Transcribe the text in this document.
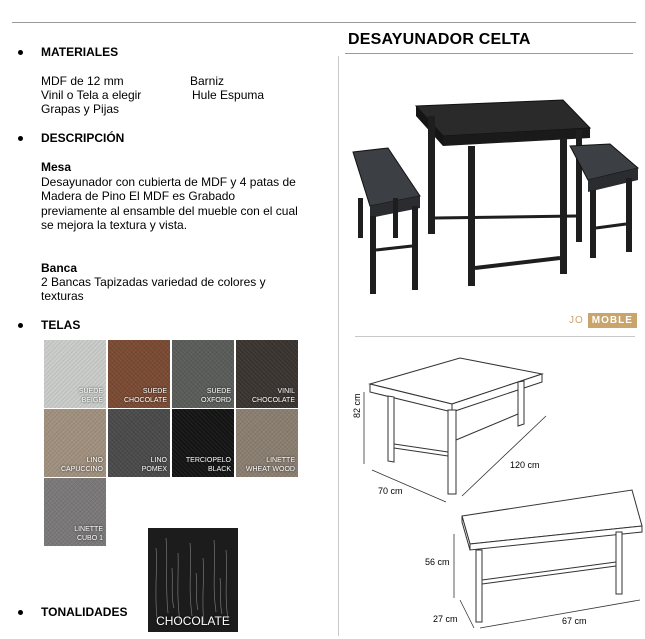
DESAYUNADOR CELTA
MATERIALES
MDF de 12 mm
Vinil o Tela a elegir
Grapas y Pijas
Barniz
Hule Espuma
DESCRIPCIÓN
Mesa
Desayunador con cubierta de MDF y 4 patas de Madera de Pino El MDF es Grabado previamente al ensamble del mueble con el cual se mejora la textura y vista.
Banca
2 Bancas Tapizadas variedad de colores y texturas
TELAS
SUEDE
BEIGE
SUEDE
CHOCOLATE
SUEDE
OXFORD
VINIL
CHOCOLATE
LINO
CAPUCCINO
LINO
POMEX
TERCIOPELO
BLACK
LINETTE
WHEAT WOOD
LINETTE
CUBO 1
TONALIDADES
CHOCOLATE
JO MOBLE
82 cm
70 cm
120 cm
56 cm
27 cm	67 cm
